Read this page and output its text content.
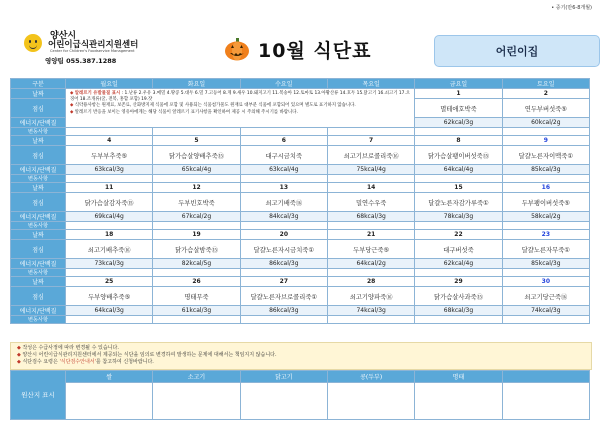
• 증기(만6-8개월)
양산시
어린이급식관리지원센터
Center for Children's Foodservice Management
영양팀 055.387.1288	10월 식단표	어린이집
구분	월요일	화요일	수요일	목요일	금요일	토요일
날짜	◆ 알레르기 유발물질 표시 : 1.난류 2.우유 3.메밀 4.땅콩 5.대두 6.밀 7.고등어 8.게 9.새우 10.돼지고기 11.복숭아 12.토마토 13.아황산류 14.호두 15.닭고기 16.쇠고기 17.오징어 18.조개류(굴, 전복, 홍합 포함) 19.잣
◆ 식약용사항는 원재료, 보존료, 산화방지제 식품에 포함 및 사용되는 식품첨가물도 원재료 대부분 식품에 포함되어 있으며 별도로 표기하지 않습니다.
◆ 알레르기 반응을 보이는 영유아에게는 해당 식품이 알레르기 표기사항을 확인하여 제공 시 주의해 주시기를 바랍니다.				1	2
점심					멸테애호박죽	연두부버섯죽⑤
에너지/단백질					62kcal/3g	60kcal/2g
변동사항						
날짜	4	5	6	7	8	9
점심	두부부추죽⑤	닭가슴살양배추죽⑮	대구시금치죽	쇠고기브로콜리죽⑯	닭가슴살팽이버섯죽⑮	달걀노른자이맥죽①
에너지/단백질	63kcal/3g	65kcal/4g	63kcal/4g	75kcal/4g	64kcal/4g	85kcal/3g
변동사항						
날짜	11	12	13	14	15	16
점심	닭가슴살감자죽⑮	두부빈호박죽	쇠고기배죽⑯	밀연수우죽	달걀노른자감가루죽①	두부팽이버섯죽⑤
에너지/단백질	69kcal/4g	67kcal/2g	84kcal/3g	68kcal/3g	78kcal/3g	58kcal/2g
변동사항						
날짜	18	19	20	21	22	23
점심	쇠고기배추죽⑯	닭가슴살밤죽⑮	달걀노른자시금치죽①	두부당근죽⑤	대구버섯죽	달걀노른자무죽①
에너지/단백질	73kcal/3g	82kcal/5g	86kcal/3g	64kcal/2g	62kcal/4g	85kcal/3g
변동사항						
날짜	25	26	27	28	29	30
점심	두부양배추죽⑤	명태무죽	달걀노른자브로콜리죽①	쇠고기양파죽⑯	닭가슴살사과죽⑮	쇠고기당근죽⑯
에너지/단백질	64kcal/3g	61kcal/3g	86kcal/3g	74kcal/3g	68kcal/3g	74kcal/3g
변동사항						
◆ 작성은 수급사정에 따라 변경될 수 있습니다.
◆ 양산시 어린이급식관리지원센터에서 제공되는 식단을 임의로 변경하여 발생하는 문제에 대해서는 책임지지 않습니다.
◆ 식단검수 요령은 '식단검수안내서'를 참고하여 신청바랍니다.
원산지 표시	쌀	소고기	닭고기	콩(두부)	명태	
